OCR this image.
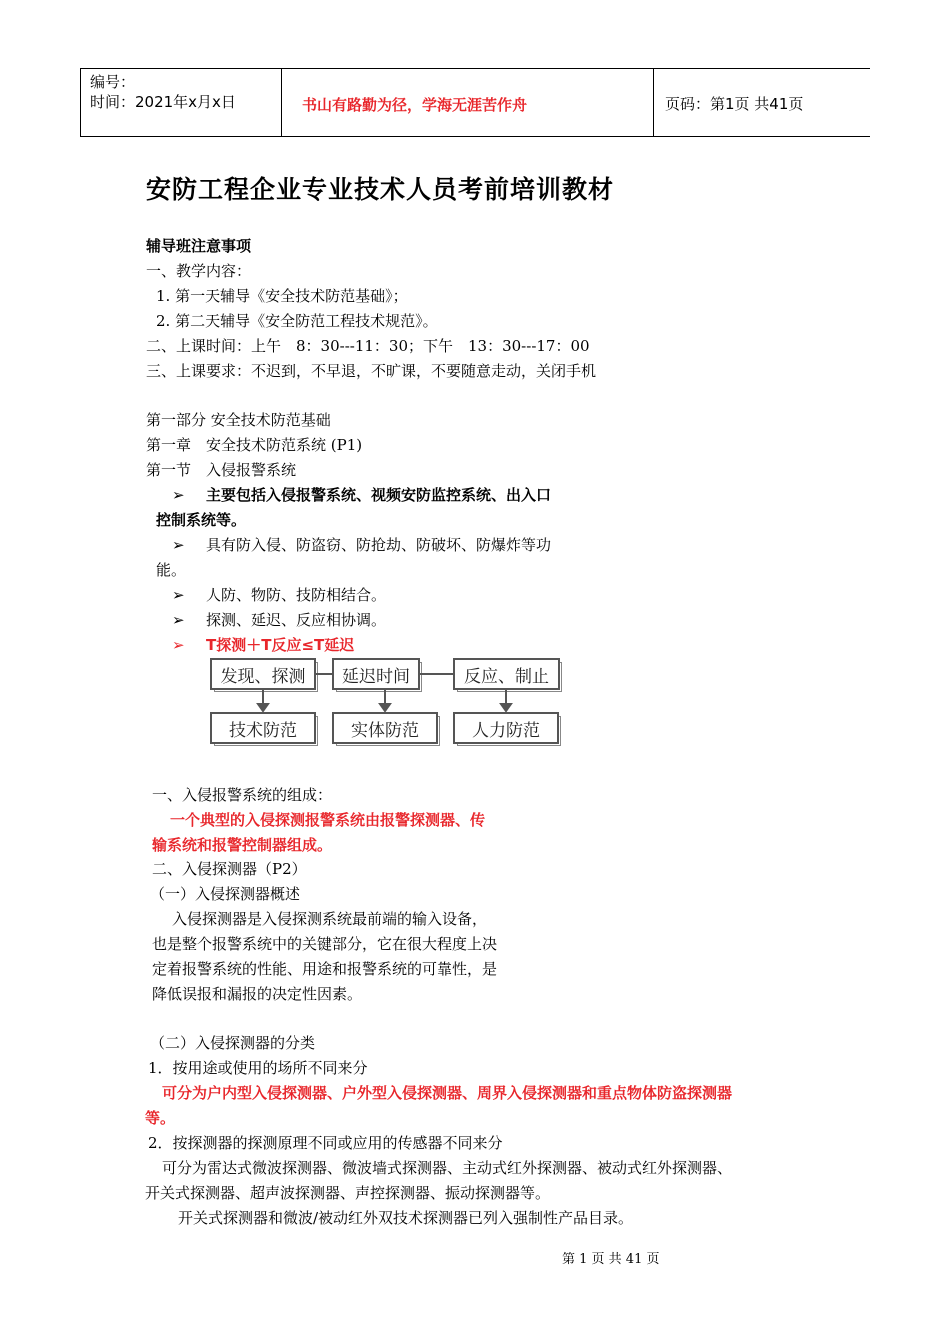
编号：
时间：2021年x月x日	书山有路勤为径，学海无涯苦作舟	页码：第1页 共41页
安防工程企业专业技术人员考前培训教材
辅导班注意事项
一、教学内容：
1. 第一天辅导《安全技术防范基础》；
2. 第二天辅导《安全防范工程技术规范》。
二、上课时间：上午　8：30---11：30；下午　13：30---17：00
三、上课要求：不迟到，不早退，不旷课，不要随意走动，关闭手机
第一部分 安全技术防范基础
第一章　安全技术防范系统 (P1)
第一节　入侵报警系统
➢ 主要包括入侵报警系统、视频安防监控系统、出入口
控制系统等。
➢ 具有防入侵、防盗窃、防抢劫、防破坏、防爆炸等功
能。
➢ 人防、物防、技防相结合。
➢ 探测、延迟、反应相协调。
➢ T探测＋T反应≤T延迟
发现、探测	延迟时间	反应、制止
技术防范	实体防范	人力防范
一、入侵报警系统的组成：
一个典型的入侵探测报警系统由报警探测器、传
输系统和报警控制器组成。
二、入侵探测器（P2）
（一）入侵探测器概述
入侵探测器是入侵探测系统最前端的输入设备，
也是整个报警系统中的关键部分，它在很大程度上决
定着报警系统的性能、用途和报警系统的可靠性，是
降低误报和漏报的决定性因素。
（二）入侵探测器的分类
1．按用途或使用的场所不同来分
可分为户内型入侵探测器、户外型入侵探测器、周界入侵探测器和重点物体防盗探测器
等。
2．按探测器的探测原理不同或应用的传感器不同来分
可分为雷达式微波探测器、微波墙式探测器、主动式红外探测器、被动式红外探测器、
开关式探测器、超声波探测器、声控探测器、振动探测器等。
开关式探测器和微波/被动红外双技术探测器已列入强制性产品目录。
第 1 页 共 41 页
